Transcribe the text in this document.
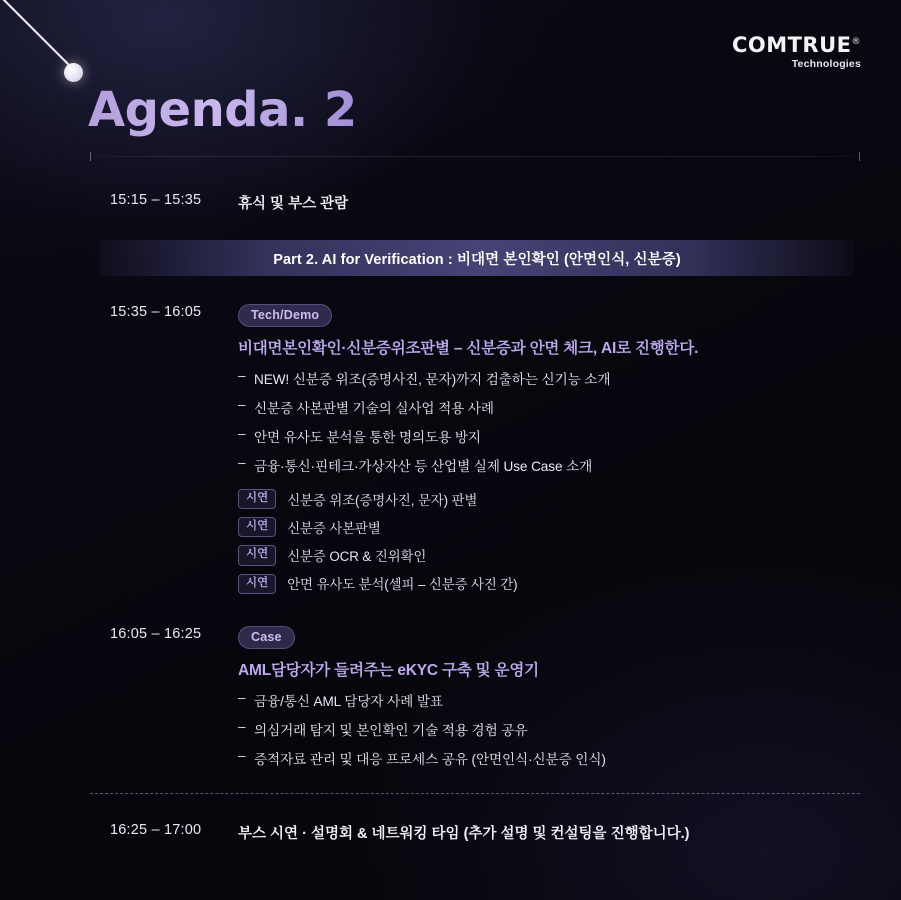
COMTRUE®
Technologies
Agenda. 2
15:15 – 15:35	휴식 및 부스 관람
Part 2. AI for Verification : 비대면 본인확인 (안면인식, 신분증)
15:35 – 16:05	Tech/Demo
비대면본인확인·신분증위조판별 – 신분증과 안면 체크, AI로 진행한다.
– NEW! 신분증 위조(증명사진, 문자)까지 검출하는 신기능 소개
– 신분증 사본판별 기술의 실사업 적용 사례
– 안면 유사도 분석을 통한 명의도용 방지
– 금융·통신·핀테크·가상자산 등 산업별 실제 Use Case 소개
시연	신분증 위조(증명사진, 문자) 판별
시연	신분증 사본판별
시연	신분증 OCR & 진위확인
시연	안면 유사도 분석(셀피 – 신분증 사진 간)
16:05 – 16:25	Case
AML담당자가 들려주는 eKYC 구축 및 운영기
– 금융/통신 AML 담당자 사례 발표
– 의심거래 탐지 및 본인확인 기술 적용 경험 공유
– 증적자료 관리 및 대응 프로세스 공유 (안면인식·신분증 인식)
16:25 – 17:00	부스 시연 · 설명회 & 네트워킹 타임 (추가 설명 및 컨설팅을 진행합니다.)
